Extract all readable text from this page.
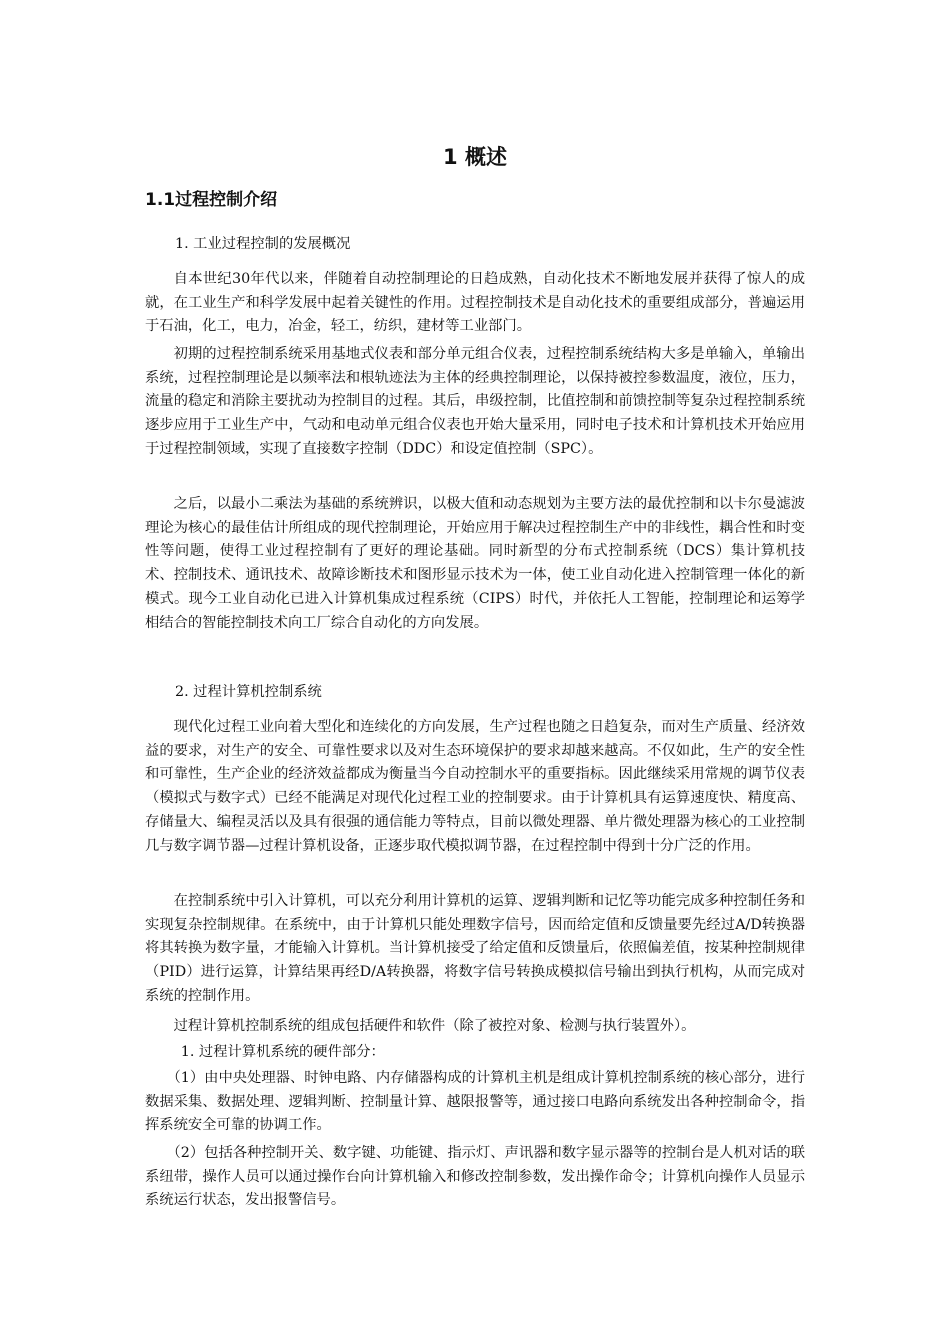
1 概述
1.1过程控制介绍

1. 工业过程控制的发展概况

自本世纪30年代以来，伴随着自动控制理论的日趋成熟，自动化技术不断地发展并获得了惊人的成就，在工业生产和科学发展中起着关键性的作用。过程控制技术是自动化技术的重要组成部分，普遍运用于石油，化工，电力，冶金，轻工，纺织，建材等工业部门。

初期的过程控制系统采用基地式仪表和部分单元组合仪表，过程控制系统结构大多是单输入，单输出系统，过程控制理论是以频率法和根轨迹法为主体的经典控制理论，以保持被控参数温度，液位，压力，流量的稳定和消除主要扰动为控制目的过程。其后，串级控制，比值控制和前馈控制等复杂过程控制系统逐步应用于工业生产中，气动和电动单元组合仪表也开始大量采用，同时电子技术和计算机技术开始应用于过程控制领域，实现了直接数字控制（DDC）和设定值控制（SPC）。

之后，以最小二乘法为基础的系统辨识，以极大值和动态规划为主要方法的最优控制和以卡尔曼滤波理论为核心的最佳估计所组成的现代控制理论，开始应用于解决过程控制生产中的非线性，耦合性和时变性等问题，使得工业过程控制有了更好的理论基础。同时新型的分布式控制系统（DCS）集计算机技术、控制技术、通讯技术、故障诊断技术和图形显示技术为一体，使工业自动化进入控制管理一体化的新模式。现今工业自动化已进入计算机集成过程系统（CIPS）时代，并依托人工智能，控制理论和运筹学相结合的智能控制技术向工厂综合自动化的方向发展。

2. 过程计算机控制系统

现代化过程工业向着大型化和连续化的方向发展，生产过程也随之日趋复杂，而对生产质量、经济效益的要求，对生产的安全、可靠性要求以及对生态环境保护的要求却越来越高。不仅如此，生产的安全性和可靠性，生产企业的经济效益都成为衡量当今自动控制水平的重要指标。因此继续采用常规的调节仪表（模拟式与数字式）已经不能满足对现代化过程工业的控制要求。由于计算机具有运算速度快、精度高、存储量大、编程灵活以及具有很强的通信能力等特点，目前以微处理器、单片微处理器为核心的工业控制几与数字调节器—过程计算机设备，正逐步取代模拟调节器，在过程控制中得到十分广泛的作用。

在控制系统中引入计算机，可以充分利用计算机的运算、逻辑判断和记忆等功能完成多种控制任务和实现复杂控制规律。在系统中，由于计算机只能处理数字信号，因而给定值和反馈量要先经过A/D转换器将其转换为数字量，才能输入计算机。当计算机接受了给定值和反馈量后，依照偏差值，按某种控制规律（PID）进行运算，计算结果再经D/A转换器，将数字信号转换成模拟信号输出到执行机构，从而完成对系统的控制作用。

过程计算机控制系统的组成包括硬件和软件（除了被控对象、检测与执行装置外）。

1. 过程计算机系统的硬件部分：

（1）由中央处理器、时钟电路、内存储器构成的计算机主机是组成计算机控制系统的核心部分，进行数据采集、数据处理、逻辑判断、控制量计算、越限报警等，通过接口电路向系统发出各种控制命令，指挥系统安全可靠的协调工作。

（2）包括各种控制开关、数字键、功能键、指示灯、声讯器和数字显示器等的控制台是人机对话的联系纽带，操作人员可以通过操作台向计算机输入和修改控制参数，发出操作命令；计算机向操作人员显示系统运行状态，发出报警信号。
